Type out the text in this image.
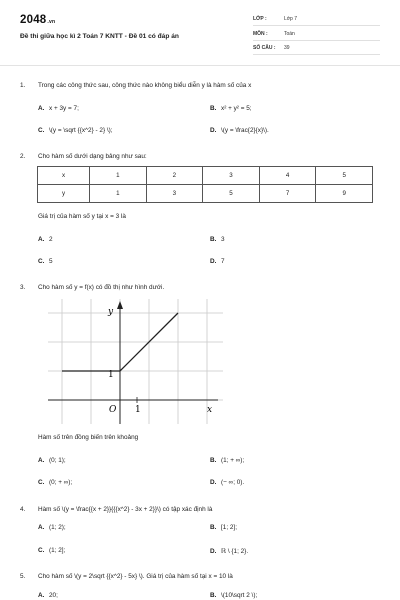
2048.vn
Đề thi giữa học kì 2 Toán 7 KNTT - Đề 01 có đáp án
LỚP :	Lớp 7
MÔN :	Toán
SỐ CÂU : 39
1. Trong các công thức sau, công thức nào không biểu diễn y là hàm số của x
A. x + 3y = 7;	B. x² + y² = 5;
C. \(y = \sqrt {{x^2} - 2} \);	D. \(y = \frac{2}{x}\).
2. Cho hàm số dưới dạng bảng như sau:
x	1	2	3	4	5
y	1	3	5	7	9
Giá trị của hàm số y tại x = 3 là
A. 2	B. 3
C. 5	D. 7
3. Cho hàm số y = f(x) có đồ thị như hình dưới.
y
x
1
O 1
Hàm số trên đồng biến trên khoảng
A. (0; 1);	B. (1; + ∞);
C. (0; + ∞);	D. (− ∞; 0).
4. Hàm số \(y = \frac{{x + 2}}{{{x^2} - 3x + 2}}\) có tập xác định là
A. (1; 2);	B. [1; 2];
C. (1; 2];	D. ℝ \ {1; 2}.
5. Cho hàm số \(y = 2\sqrt {{x^2} - 5x} \). Giá trị của hàm số tại x = 10 là
A. 20;	B. \(10\sqrt 2 \);
